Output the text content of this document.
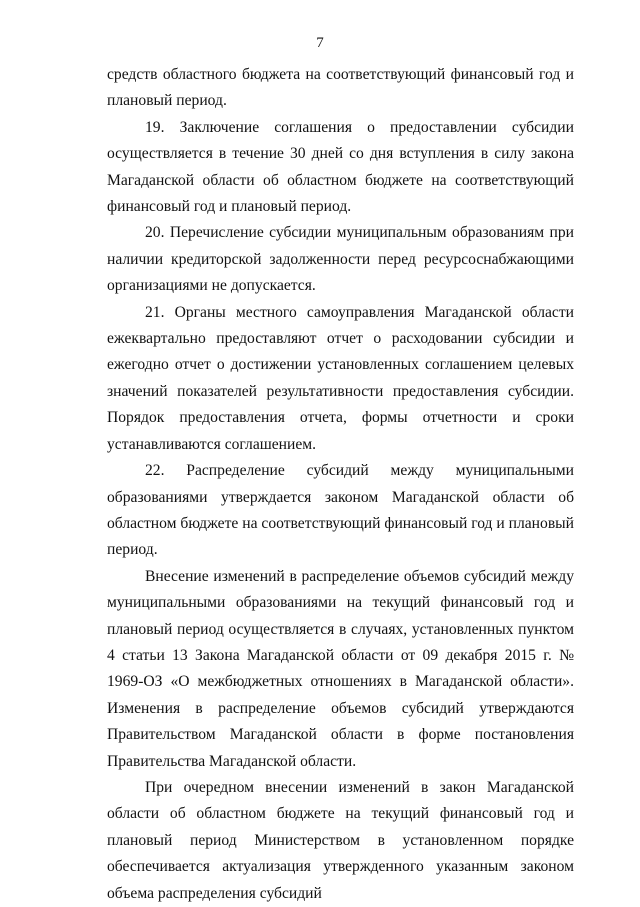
7

средств областного бюджета на соответствующий финансовый год и плановый период.

19. Заключение соглашения о предоставлении субсидии осуществляется в течение 30 дней со дня вступления в силу закона Магаданской области об областном бюджете на соответствующий финансовый год и плановый период.

20. Перечисление субсидии муниципальным образованиям при наличии кредиторской задолженности перед ресурсоснабжающими организациями не допускается.

21. Органы местного самоуправления Магаданской области ежеквартально предоставляют отчет о расходовании субсидии и ежегодно отчет о достижении установленных соглашением целевых значений показателей результативности предоставления субсидии. Порядок предоставления отчета, формы отчетности и сроки устанавливаются соглашением.

22. Распределение субсидий между муниципальными образованиями утверждается законом Магаданской области об областном бюджете на соответствующий финансовый год и плановый период.

Внесение изменений в распределение объемов субсидий между муниципальными образованиями на текущий финансовый год и плановый период осуществляется в случаях, установленных пунктом 4 статьи 13 Закона Магаданской области от 09 декабря 2015 г. № 1969-ОЗ «О межбюджетных отношениях в Магаданской области». Изменения в распределение объемов субсидий утверждаются Правительством Магаданской области в форме постановления Правительства Магаданской области.

При очередном внесении изменений в закон Магаданской области об областном бюджете на текущий финансовый год и плановый период Министерством в установленном порядке обеспечивается актуализация утвержденного указанным законом объема распределения субсидий
